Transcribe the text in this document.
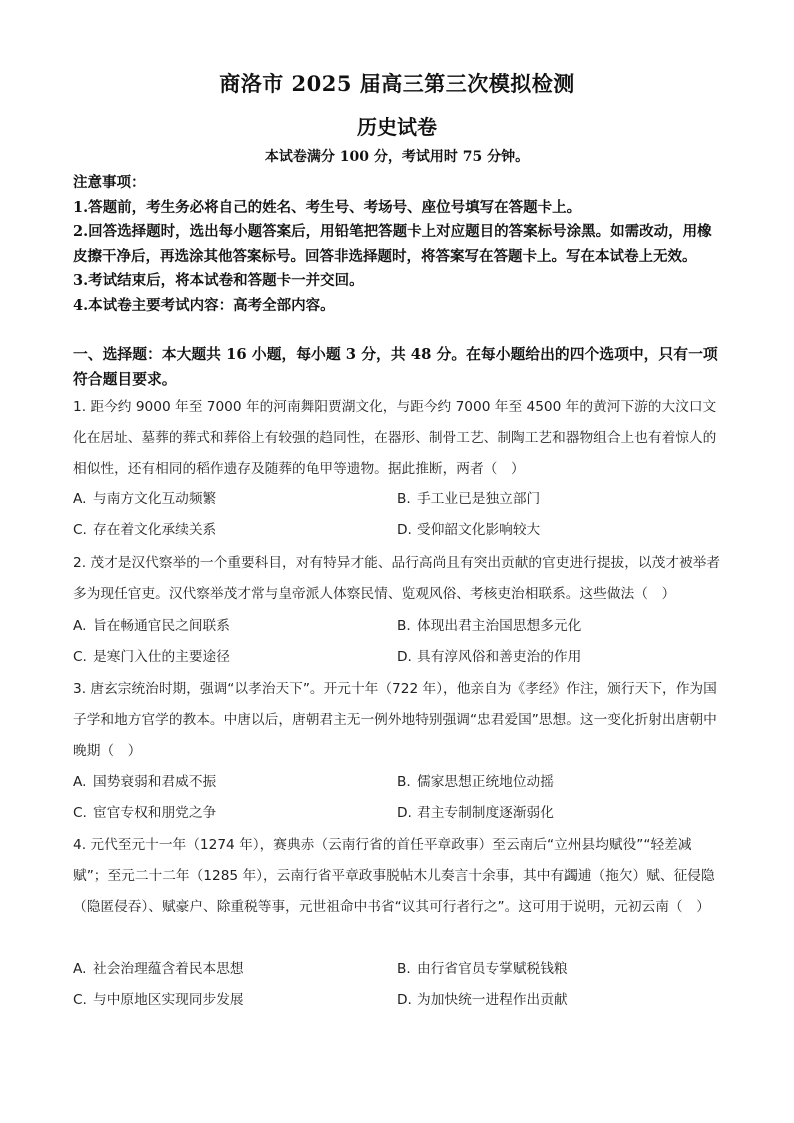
商洛市 2025 届高三第三次模拟检测
历史试卷
本试卷满分 100 分，考试用时 75 分钟。

注意事项：

1.答题前，考生务必将自己的姓名、考生号、考场号、座位号填写在答题卡上。

2.回答选择题时，选出每小题答案后，用铅笔把答题卡上对应题目的答案标号涂黑。如需改动，用橡皮擦干净后，再选涂其他答案标号。回答非选择题时，将答案写在答题卡上。写在本试卷上无效。

3.考试结束后，将本试卷和答题卡一并交回。

4.本试卷主要考试内容：高考全部内容。

一、选择题：本大题共 16 小题，每小题 3 分，共 48 分。在每小题给出的四个选项中，只有一项符合题目要求。
1. 距今约 9000 年至 7000 年的河南舞阳贾湖文化，与距今约 7000 年至 4500 年的黄河下游的大汶口文化在居址、墓葬的葬式和葬俗上有较强的趋同性，在器形、制骨工艺、制陶工艺和器物组合上也有着惊人的相似性，还有相同的稻作遗存及随葬的龟甲等遗物。据此推断，两者（　）
A. 与南方文化互动频繁	B. 手工业已是独立部门
C. 存在着文化承续关系	D. 受仰韶文化影响较大
2. 茂才是汉代察举的一个重要科目，对有特异才能、品行高尚且有突出贡献的官吏进行提拔，以茂才被举者多为现任官吏。汉代察举茂才常与皇帝派人体察民情、览观风俗、考核吏治相联系。这些做法（　）
A. 旨在畅通官民之间联系	B. 体现出君主治国思想多元化
C. 是寒门入仕的主要途径	D. 具有淳风俗和善吏治的作用
3. 唐玄宗统治时期，强调“以孝治天下”。开元十年（722 年），他亲自为《孝经》作注，颁行天下，作为国子学和地方官学的教本。中唐以后，唐朝君主无一例外地特别强调“忠君爱国”思想。这一变化折射出唐朝中晚期（　）
A. 国势衰弱和君威不振	B. 儒家思想正统地位动摇
C. 宦官专权和朋党之争	D. 君主专制制度逐渐弱化
4. 元代至元十一年（1274 年），赛典赤（云南行省的首任平章政事）至云南后“立州县均赋役”“轻差减赋”；至元二十二年（1285 年），云南行省平章政事脱帖木儿奏言十余事，其中有蠲逋（拖欠）赋、征侵隐（隐匿侵吞）、赋豪户、除重税等事，元世祖命中书省“议其可行者行之”。这可用于说明，元初云南（　）
A. 社会治理蕴含着民本思想	B. 由行省官员专掌赋税钱粮
C. 与中原地区实现同步发展	D. 为加快统一进程作出贡献
